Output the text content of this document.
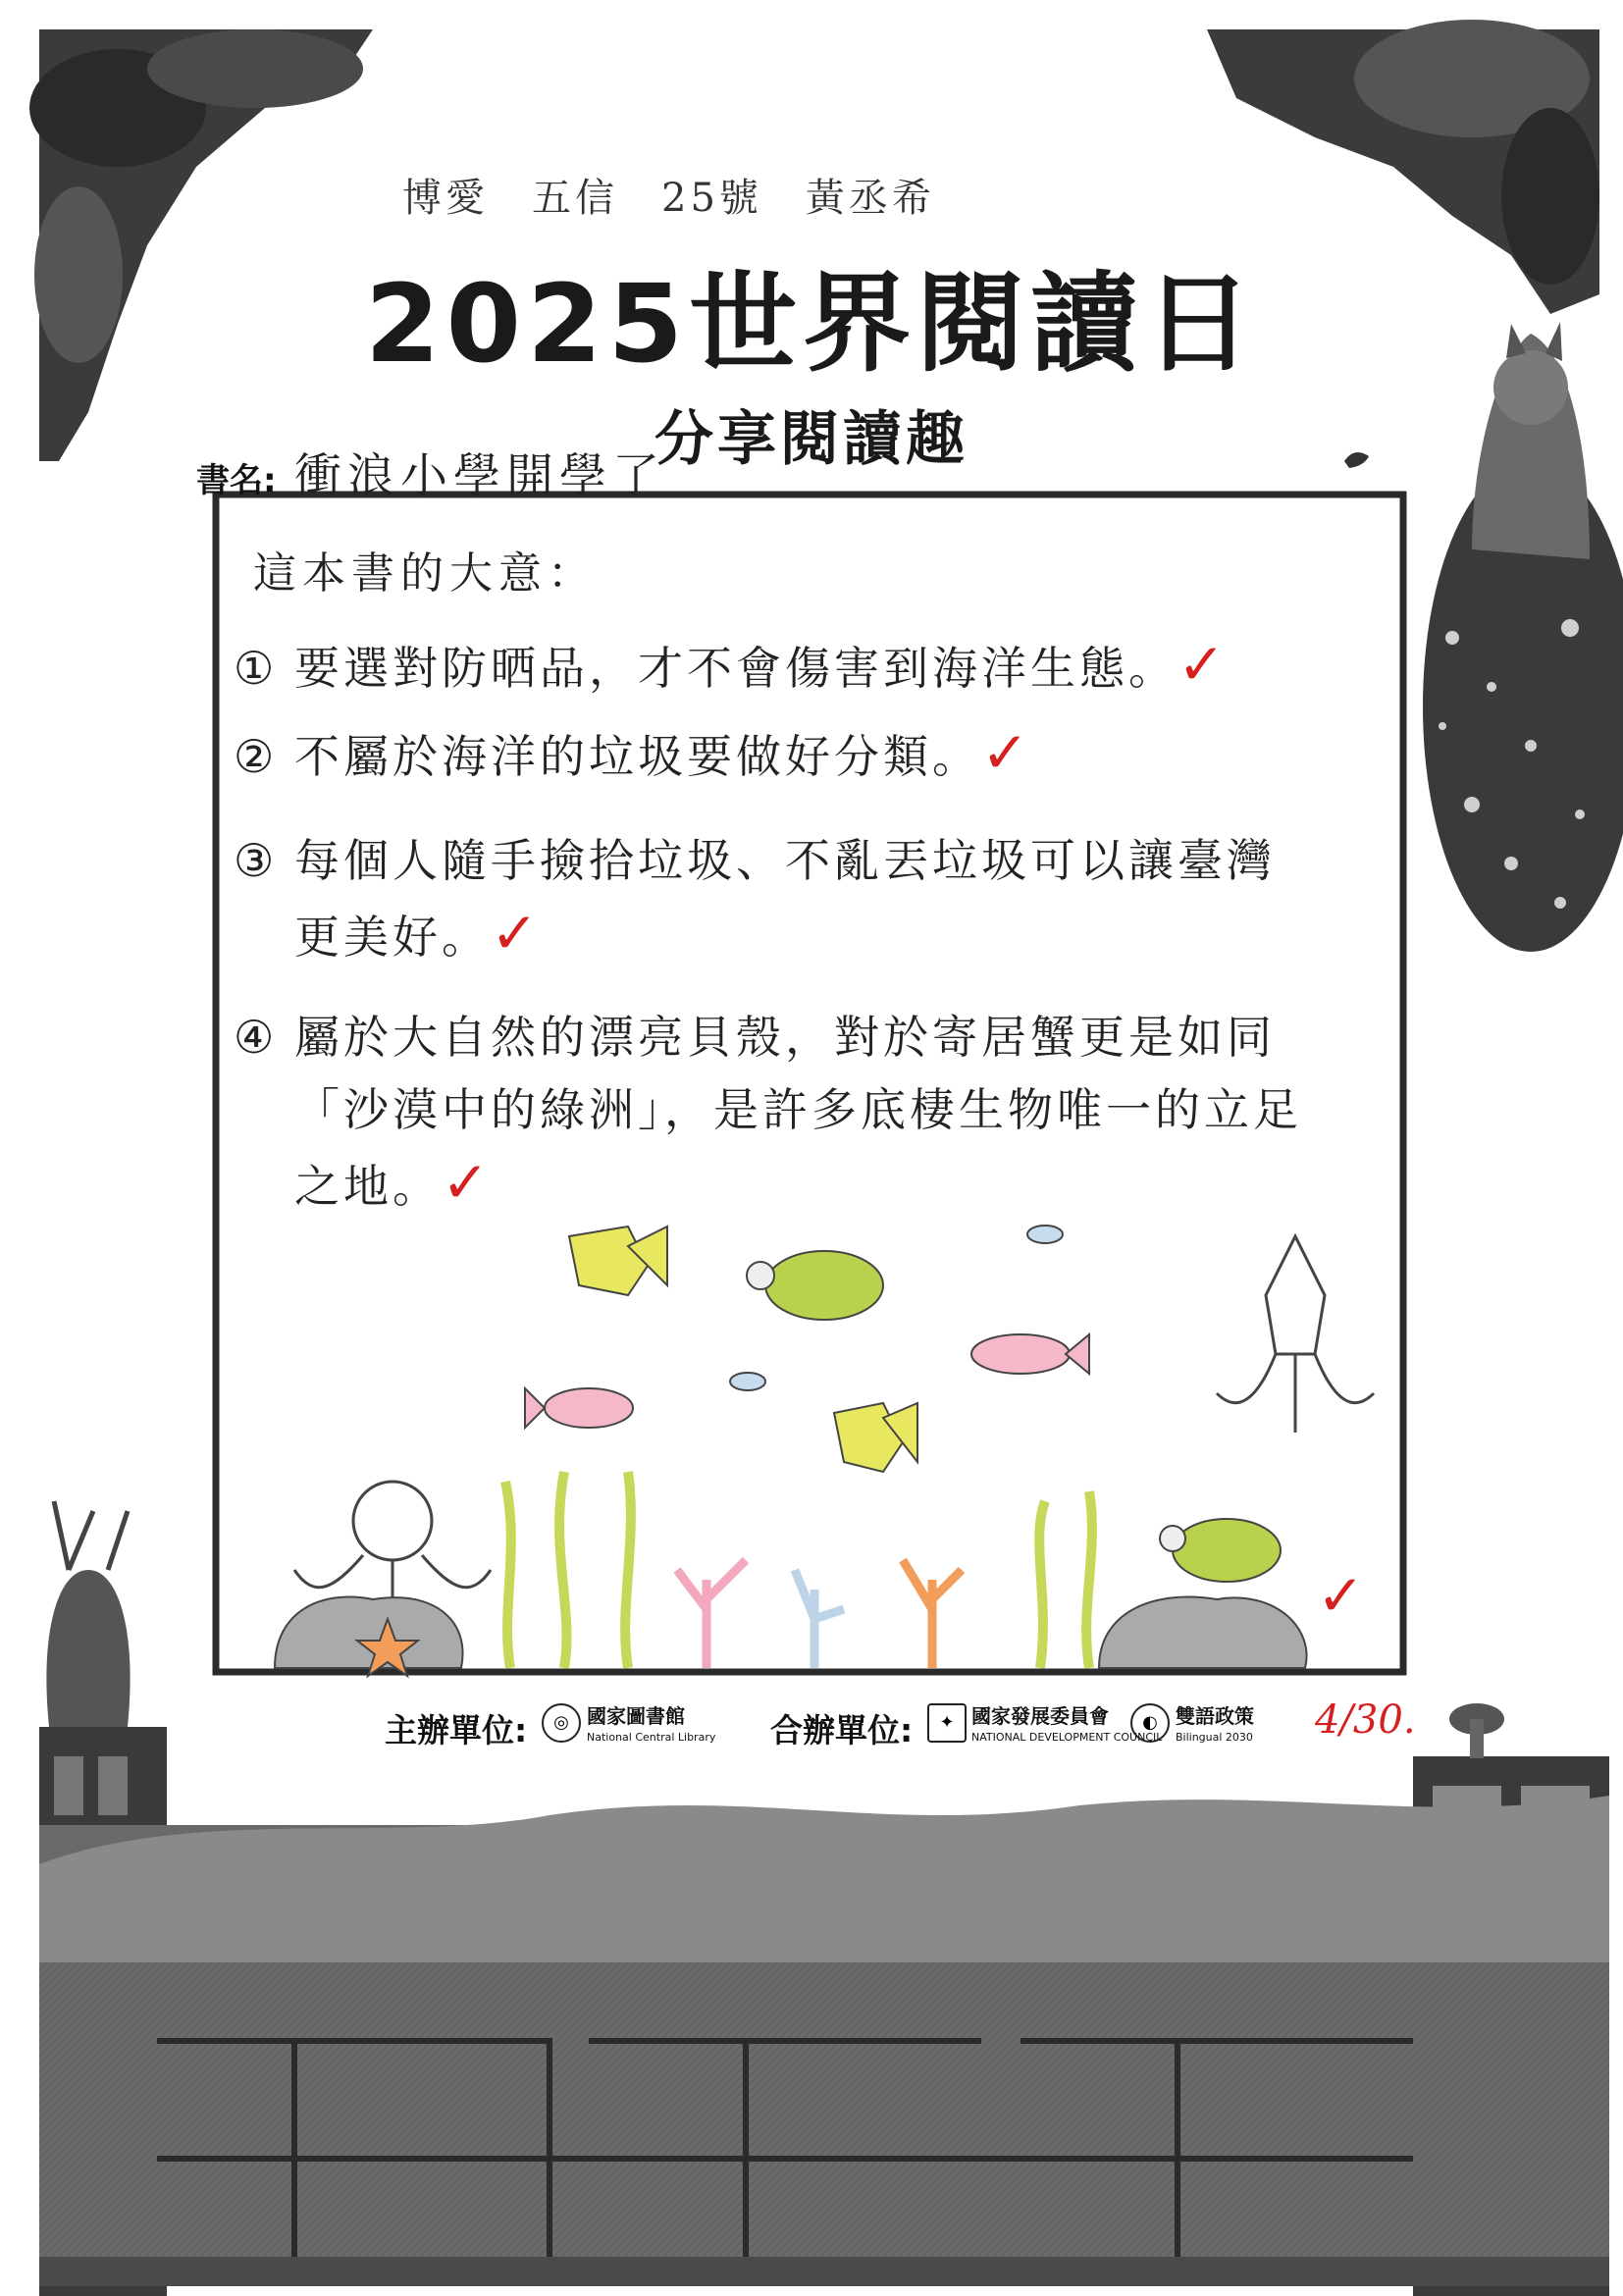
博愛　五信　25號　黃丞希
2025世界閱讀日
分享閱讀趣
書名: 衝浪小學開學了
這本書的大意：
① 要選對防晒品，才不會傷害到海洋生態。✓
② 不屬於海洋的垃圾要做好分類。✓
③ 每個人隨手撿拾垃圾、不亂丟垃圾可以讓臺灣
更美好。✓
④ 屬於大自然的漂亮貝殼，對於寄居蟹更是如同
「沙漠中的綠洲」，是許多底棲生物唯一的立足
之地。✓
✓
主辦單位:	◎ 國家圖書館
National Central Library 合辦單位:	✦ 國家發展委員會
NATIONAL DEVELOPMENT COUNCIL
◐ 雙語政策
Bilingual 2030 4/30.
